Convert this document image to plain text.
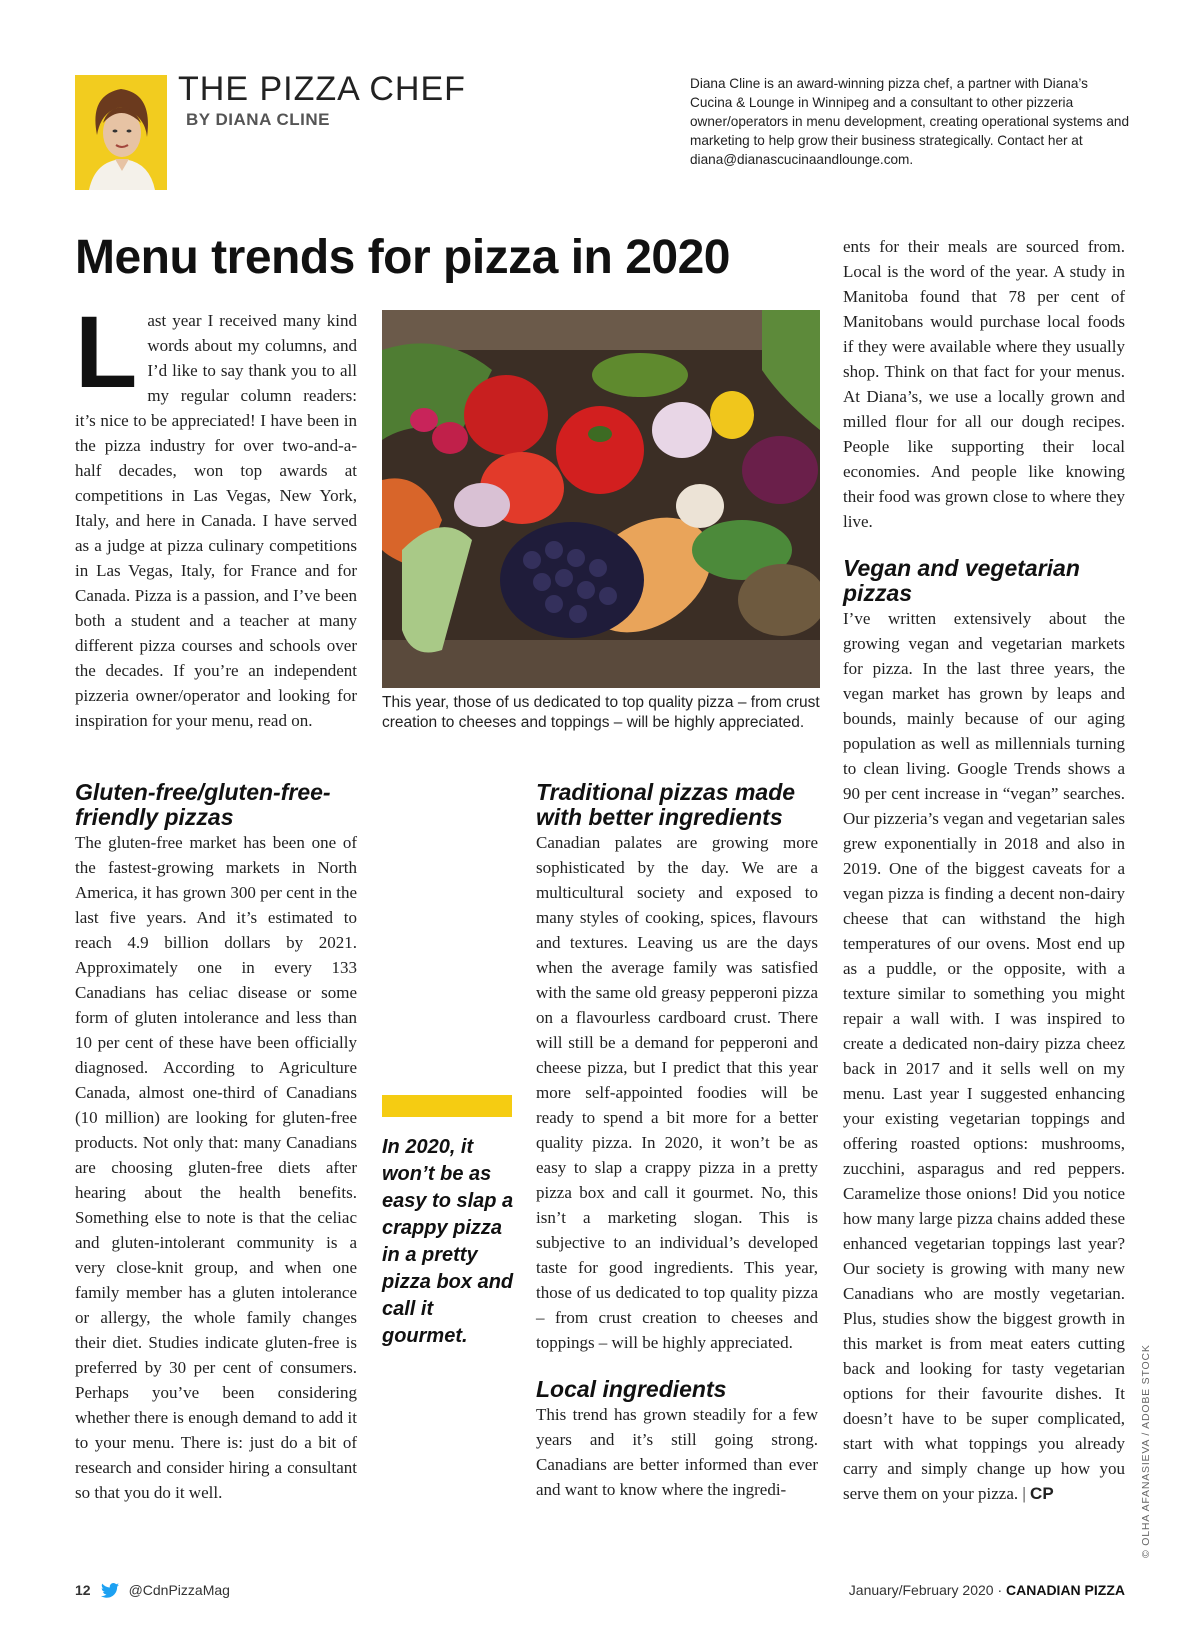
THE PIZZA CHEF
BY DIANA CLINE
Diana Cline is an award-winning pizza chef, a partner with Diana’s Cucina & Lounge in Winnipeg and a consultant to other pizzeria owner/operators in menu development, creating operational systems and marketing to help grow their business strategically. Contact her at diana@dianascucinaandlounge.com.
Menu trends for pizza in 2020
L ast year I received many kind words about my columns, and I’d like to say thank you to all my regular column readers: it’s nice to be appreciated! I have been in the pizza industry for over two-and-a-half decades, won top awards at competitions in Las Vegas, New York, Italy, and here in Canada. I have served as a judge at pizza culinary competitions in Las Vegas, Italy, for France and for Canada. Pizza is a passion, and I’ve been both a student and a teacher at many different pizza courses and schools over the decades. If you’re an independent pizzeria owner/operator and looking for inspiration for your menu, read on.
Gluten-free/gluten-free-friendly pizzas
The gluten-free market has been one of the fastest-growing markets in North America, it has grown 300 per cent in the last five years. And it’s estimated to reach 4.9 billion dollars by 2021. Approximately one in every 133 Canadians has celiac disease or some form of gluten intolerance and less than 10 per cent of these have been officially diagnosed. According to Agriculture Canada, almost one-third of Canadians (10 million) are looking for gluten-free products. Not only that: many Canadians are choosing gluten-free diets after hearing about the health benefits. Something else to note is that the celiac and gluten-intolerant community is a very close-knit group, and when one family member has a gluten intolerance or allergy, the whole family changes their diet. Studies indicate gluten-free is preferred by 30 per cent of consumers. Perhaps you’ve been considering whether there is enough demand to add it to your menu. There is: just do a bit of research and consider hiring a consultant so that you do it well.
This year, those of us dedicated to top quality pizza – from crust creation to cheeses and toppings – will be highly appreciated.
In 2020, it won’t be as easy to slap a crappy pizza in a pretty pizza box and call it gourmet.
Traditional pizzas made with better ingredients
Canadian palates are growing more sophisticated by the day. We are a multicultural society and exposed to many styles of cooking, spices, flavours and textures. Leaving us are the days when the average family was satisfied with the same old greasy pepperoni pizza on a flavourless cardboard crust. There will still be a demand for pepperoni and cheese pizza, but I predict that this year more self-appointed foodies will be ready to spend a bit more for a better quality pizza. In 2020, it won’t be as easy to slap a crappy pizza in a pretty pizza box and call it gourmet. No, this isn’t a marketing slogan. This is subjective to an individual’s developed taste for good ingredients. This year, those of us dedicated to top quality pizza – from crust creation to cheeses and toppings – will be highly appreciated.
Local ingredients
This trend has grown steadily for a few years and it’s still going strong. Canadians are better informed than ever and want to know where the ingredi-
ents for their meals are sourced from. Local is the word of the year. A study in Manitoba found that 78 per cent of Manitobans would purchase local foods if they were available where they usually shop. Think on that fact for your menus. At Diana’s, we use a locally grown and milled flour for all our dough recipes. People like supporting their local economies. And people like knowing their food was grown close to where they live.
Vegan and vegetarian pizzas
I’ve written extensively about the growing vegan and vegetarian markets for pizza. In the last three years, the vegan market has grown by leaps and bounds, mainly because of our aging population as well as millennials turning to clean living. Google Trends shows a 90 per cent increase in “vegan” searches. Our pizzeria’s vegan and vegetarian sales grew exponentially in 2018 and also in 2019. One of the biggest caveats for a vegan pizza is finding a decent non-dairy cheese that can withstand the high temperatures of our ovens. Most end up as a puddle, or the opposite, with a texture similar to something you might repair a wall with. I was inspired to create a dedicated non-dairy pizza cheez back in 2017 and it sells well on my menu. Last year I suggested enhancing your existing vegetarian toppings and offering roasted options: mushrooms, zucchini, asparagus and red peppers. Caramelize those onions! Did you notice how many large pizza chains added these enhanced vegetarian toppings last year? Our society is growing with many new Canadians who are mostly vegetarian. Plus, studies show the biggest growth in this market is from meat eaters cutting back and looking for tasty vegetarian options for their favourite dishes. It doesn’t have to be super complicated, start with what toppings you already carry and simply change up how you serve them on your pizza. | CP	© OLHA AFANASIEVA / ADOBE STOCK
12	@CdnPizzaMag	January/February 2020 · CANADIAN PIZZA
